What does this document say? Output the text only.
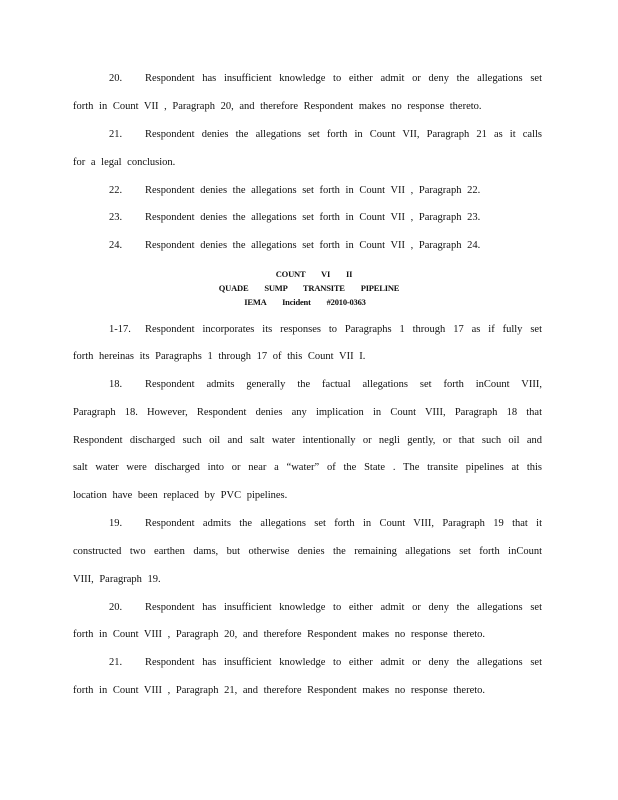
20. Respondent has insufficient knowledge to either admit or deny the allegations set
forth in Count VII , Paragraph 20, and therefore Respondent makes no response thereto.
21. Respondent denies the allegations set forth in Count VII, Paragraph 21 as it calls
for a legal conclusion.
22. Respondent denies the allegations set forth in Count VII , Paragraph 22.
23. Respondent denies the allegations set forth in Count VII , Paragraph 23.
24. Respondent denies the allegations set forth in Count VII , Paragraph 24.
COUNT VI II
QUADE SUMP TRANSITE PIPELINE
IEMA Incident #2010-0363
1-17. Respondent incorporates its responses to Paragraphs 1 through 17 as if fully set
forth hereinas its Paragraphs 1 through 17 of this Count VII I.
18. Respondent admits generally the factual allegations set forth inCount VIII,
Paragraph 18. However, Respondent denies any implication in Count VIII, Paragraph 18 that
Respondent discharged such oil and salt water intentionally or negli gently, or that such oil and
salt water were discharged into or near a “water” of the State . The transite pipelines at this
location have been replaced by PVC pipelines.
19. Respondent admits the allegations set forth in Count VIII, Paragraph 19 that it
constructed two earthen dams, but otherwise denies the remaining allegations set forth inCount
VIII, Paragraph 19.
20. Respondent has insufficient knowledge to either admit or deny the allegations set
forth in Count VIII , Paragraph 20, and therefore Respondent makes no response thereto.
21. Respondent has insufficient knowledge to either admit or deny the allegations set
forth in Count VIII , Paragraph 21, and therefore Respondent makes no response thereto.
